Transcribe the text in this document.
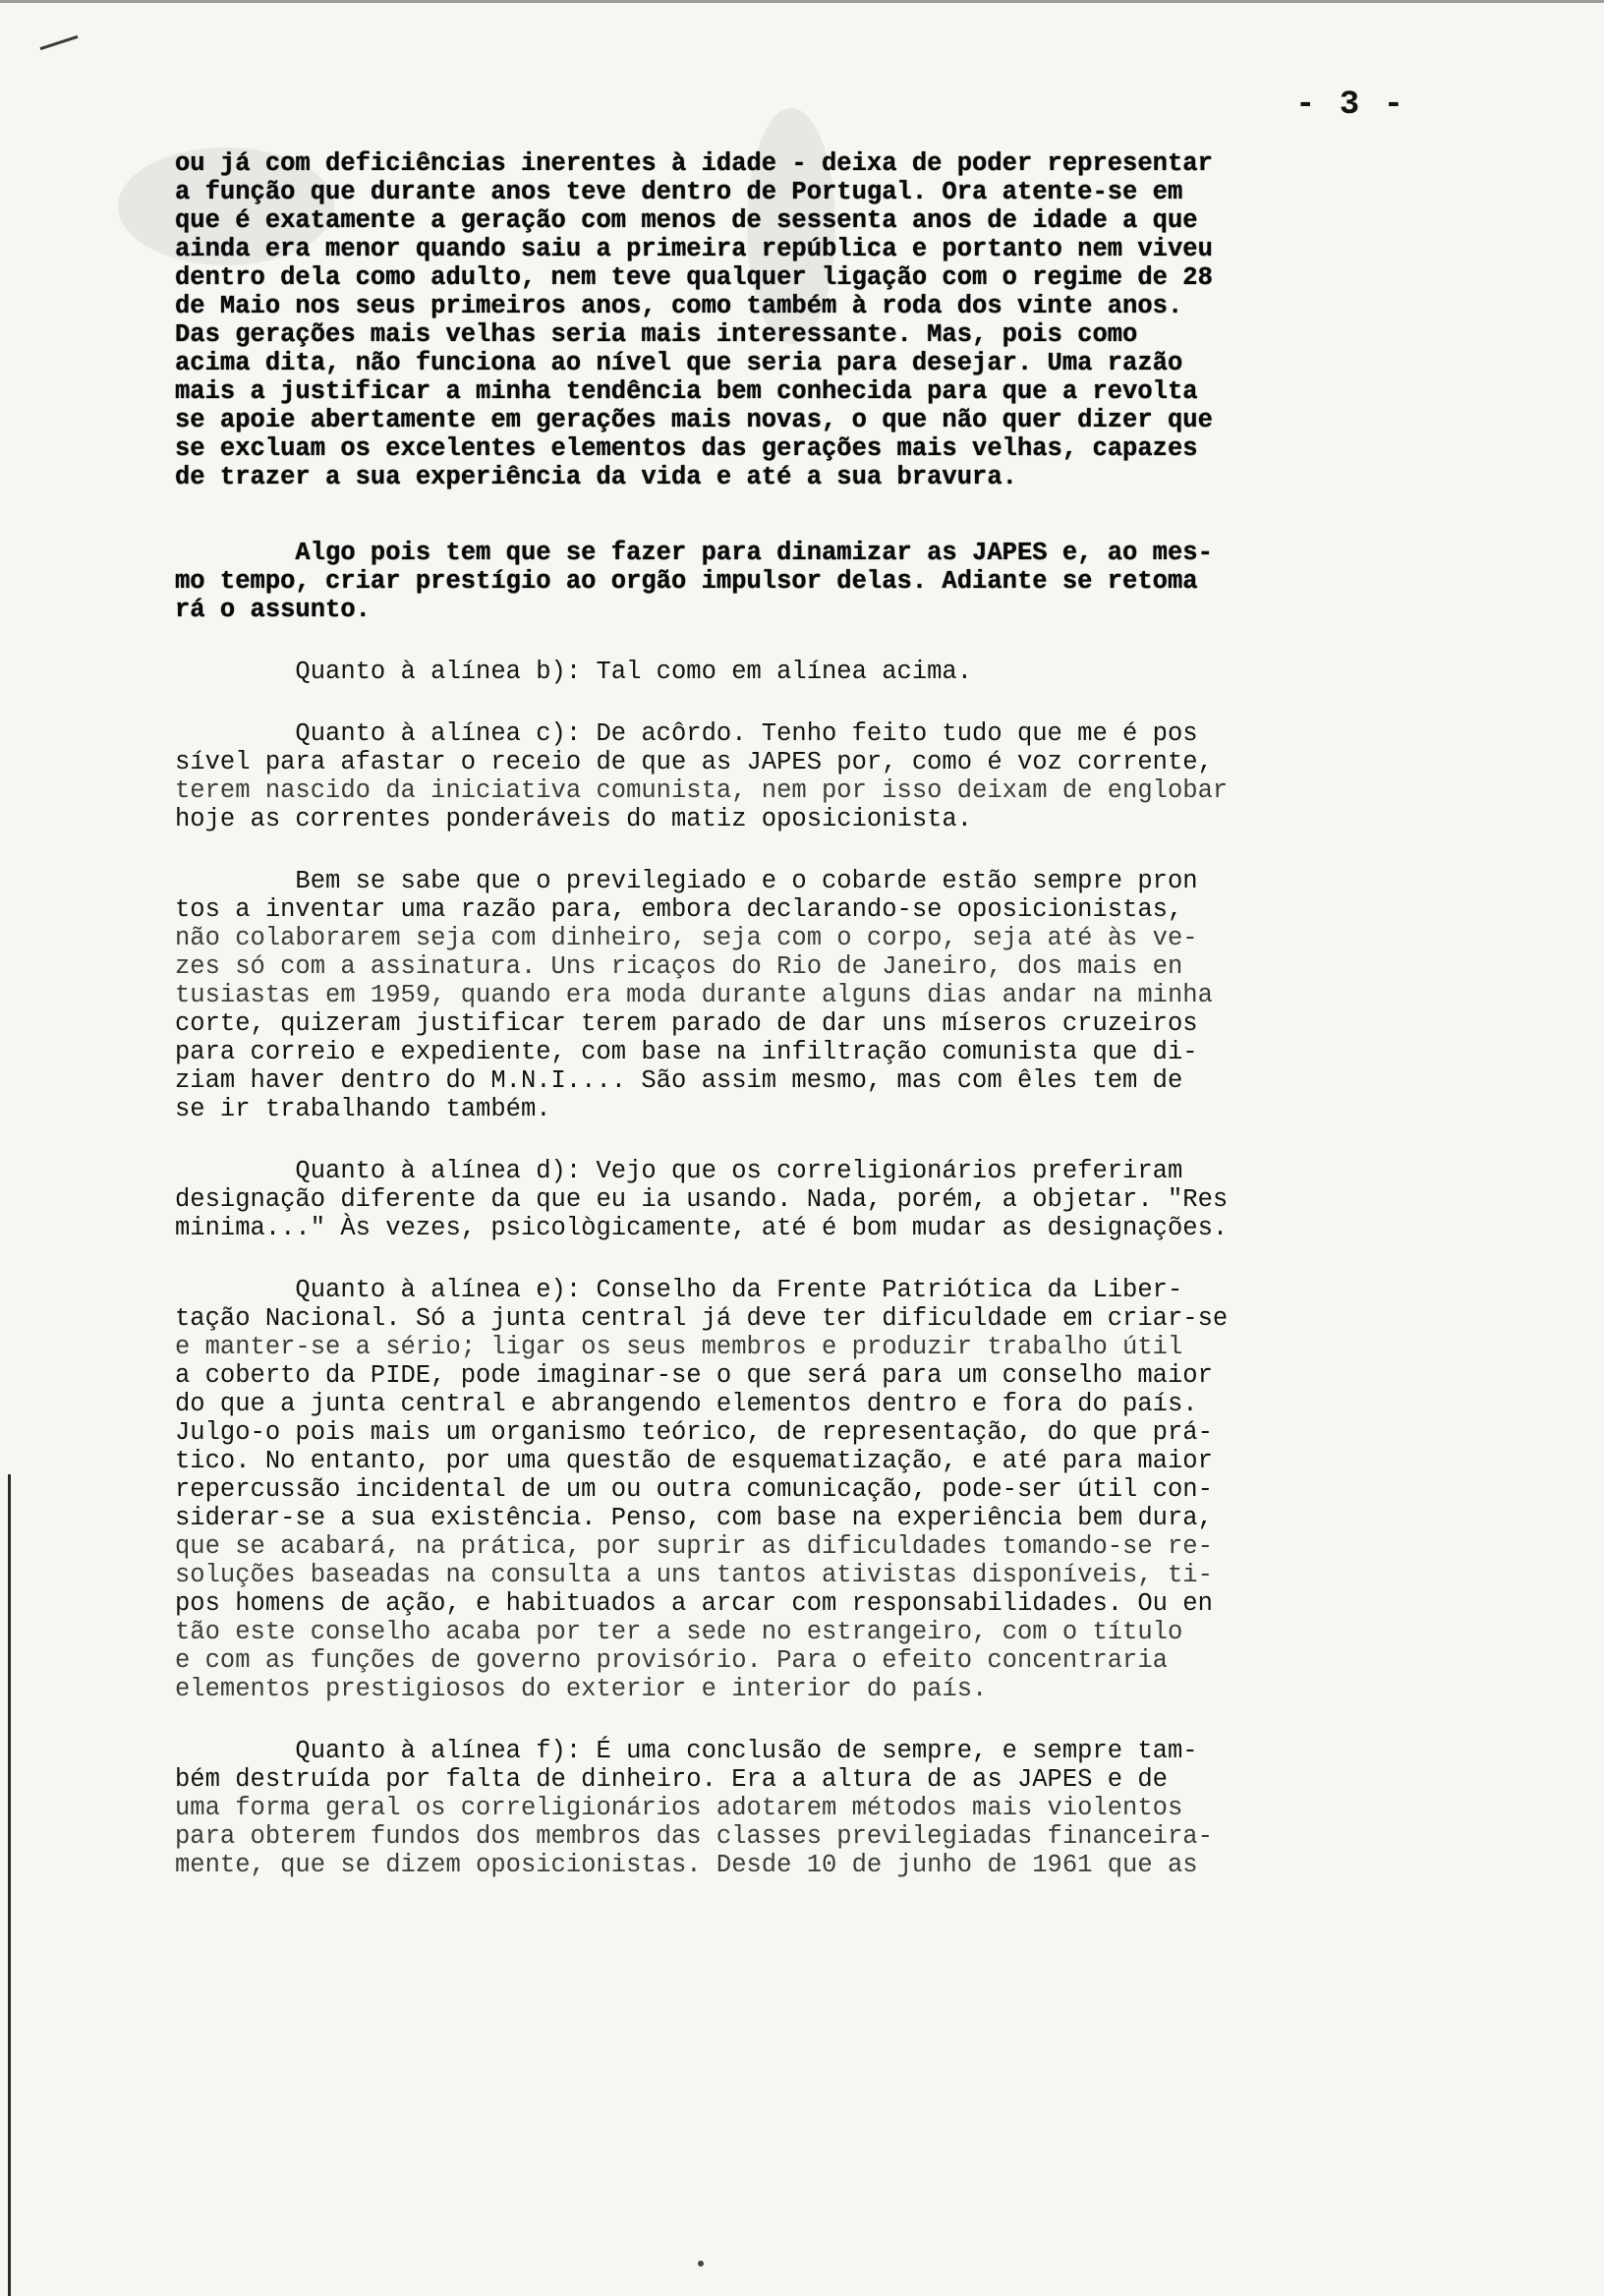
- 3 -
ou já com deficiências inerentes à idade - deixa de poder representar
a função que durante anos teve dentro de Portugal. Ora atente-se em
que é exatamente a geração com menos de sessenta anos de idade a que
ainda era menor quando saiu a primeira república e portanto nem viveu
dentro dela como adulto, nem teve qualquer ligação com o regime de 28
de Maio nos seus primeiros anos, como também à roda dos vinte anos.
Das gerações mais velhas seria mais interessante. Mas, pois como
acima dita, não funciona ao nível que seria para desejar. Uma razão
mais a justificar a minha tendência bem conhecida para que a revolta
se apoie abertamente em gerações mais novas, o que não quer dizer que
se excluam os excelentes elementos das gerações mais velhas, capazes
de trazer a sua experiência da vida e até a sua bravura.
Algo pois tem que se fazer para dinamizar as JAPES e, ao mes-
mo tempo, criar prestígio ao orgão impulsor delas. Adiante se retoma
rá o assunto.
Quanto à alínea b): Tal como em alínea acima.
Quanto à alínea c): De acôrdo. Tenho feito tudo que me é pos
sível para afastar o receio de que as JAPES por, como é voz corrente,
terem nascido da iniciativa comunista, nem por isso deixam de englobar
hoje as correntes ponderáveis do matiz oposicionista.
Bem se sabe que o previlegiado e o cobarde estão sempre pron
tos a inventar uma razão para, embora declarando-se oposicionistas,
não colaborarem seja com dinheiro, seja com o corpo, seja até às ve-
zes só com a assinatura. Uns ricaços do Rio de Janeiro, dos mais en
tusiastas em 1959, quando era moda durante alguns dias andar na minha
corte, quizeram justificar terem parado de dar uns míseros cruzeiros
para correio e expediente, com base na infiltração comunista que di-
ziam haver dentro do M.N.I.... São assim mesmo, mas com êles tem de
se ir trabalhando também.
Quanto à alínea d): Vejo que os correligionários preferiram
designação diferente da que eu ia usando. Nada, porém, a objetar. "Res
minima..." Às vezes, psicològicamente, até é bom mudar as designações.
Quanto à alínea e): Conselho da Frente Patriótica da Liber-
tação Nacional. Só a junta central já deve ter dificuldade em criar-se
e manter-se a sério; ligar os seus membros e produzir trabalho útil
a coberto da PIDE, pode imaginar-se o que será para um conselho maior
do que a junta central e abrangendo elementos dentro e fora do país.
Julgo-o pois mais um organismo teórico, de representação, do que prá-
tico. No entanto, por uma questão de esquematização, e até para maior
repercussão incidental de um ou outra comunicação, pode-ser útil con-
siderar-se a sua existência. Penso, com base na experiência bem dura,
que se acabará, na prática, por suprir as dificuldades tomando-se re-
soluções baseadas na consulta a uns tantos ativistas disponíveis, ti-
pos homens de ação, e habituados a arcar com responsabilidades. Ou en
tão este conselho acaba por ter a sede no estrangeiro, com o título
e com as funções de governo provisório. Para o efeito concentraria
elementos prestigiosos do exterior e interior do país.
Quanto à alínea f): É uma conclusão de sempre, e sempre tam-
bém destruída por falta de dinheiro. Era a altura de as JAPES e de
uma forma geral os correligionários adotarem métodos mais violentos
para obterem fundos dos membros das classes previlegiadas financeira-
mente, que se dizem oposicionistas. Desde 10 de junho de 1961 que as
